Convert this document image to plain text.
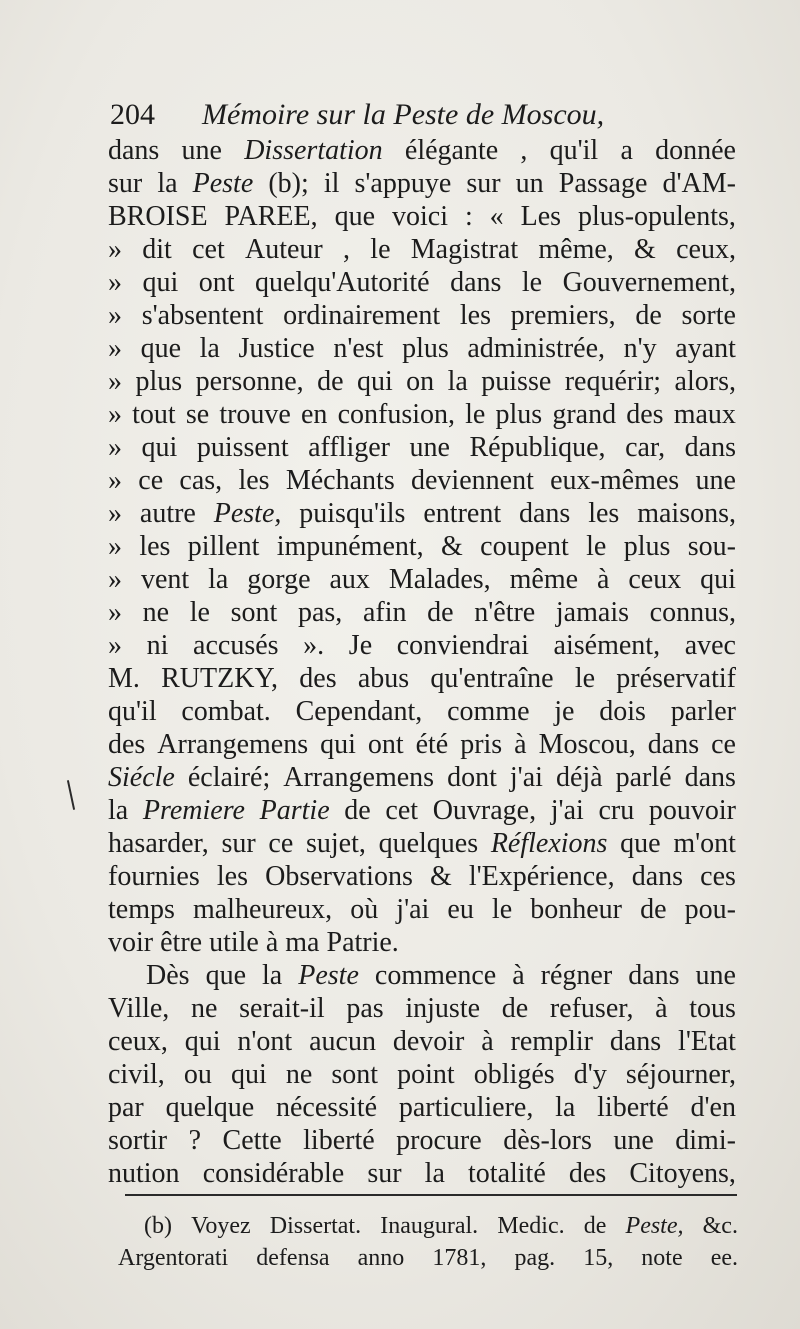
204 Mémoire sur la Peste de Moscou,
dans une Dissertation élégante , qu'il a donnée
sur la Peste (b); il s'appuye sur un Passage d'AM-
BROISE PAREE, que voici : « Les plus-opulents,
» dit cet Auteur , le Magistrat même, & ceux,
» qui ont quelqu'Autorité dans le Gouvernement,
» s'absentent ordinairement les premiers, de sorte
» que la Justice n'est plus administrée, n'y ayant
» plus personne, de qui on la puisse requérir; alors,
» tout se trouve en confusion, le plus grand des maux
» qui puissent affliger une République, car, dans
» ce cas, les Méchants deviennent eux-mêmes une
» autre Peste, puisqu'ils entrent dans les maisons,
» les pillent impunément, & coupent le plus sou-
» vent la gorge aux Malades, même à ceux qui
» ne le sont pas, afin de n'être jamais connus,
» ni accusés ». Je conviendrai aisément, avec
M. RUTZKY, des abus qu'entraîne le préservatif
qu'il combat. Cependant, comme je dois parler
des Arrangemens qui ont été pris à Moscou, dans ce
Siécle éclairé; Arrangemens dont j'ai déjà parlé dans
la Premiere Partie de cet Ouvrage, j'ai cru pouvoir
hasarder, sur ce sujet, quelques Réflexions que m'ont
fournies les Observations & l'Expérience, dans ces
temps malheureux, où j'ai eu le bonheur de pou-
voir
être
utile
à
ma
Patrie.
Dès que la Peste commence à régner dans une
Ville, ne serait-il pas injuste de refuser, à tous
ceux, qui n'ont aucun devoir à remplir dans l'Etat
civil, ou qui ne sont point obligés d'y séjourner,
par quelque nécessité particuliere, la liberté d'en
sortir ? Cette liberté procure dès-lors une dimi-
nution considérable sur la totalité des Citoyens,
(b) Voyez Dissertat. Inaugural. Medic. de Peste, &c.
Argentorati defensa anno 1781, pag. 15, note ee.
